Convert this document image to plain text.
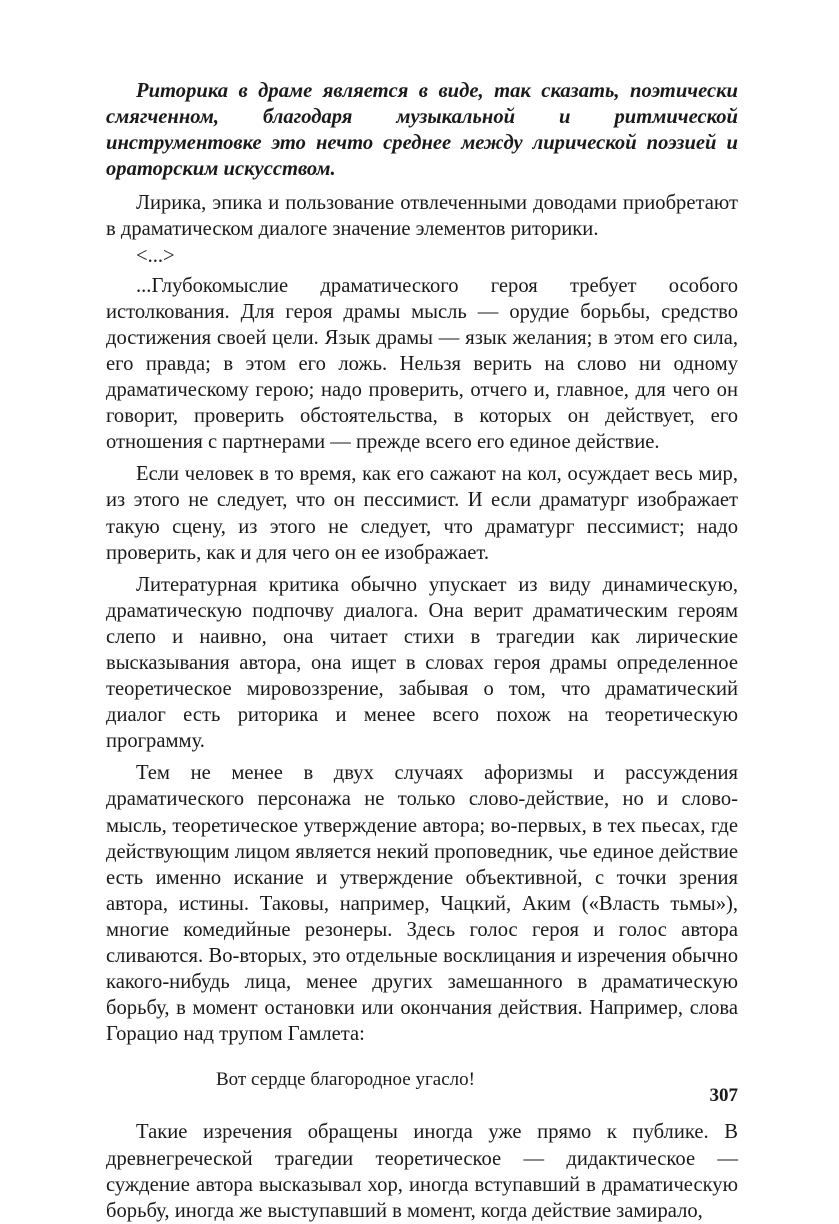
Риторика в драме является в виде, так сказать, поэтически смягченном, благодаря музыкальной и ритмической инструментовке это нечто среднее между лирической поэзией и ораторским искусством.

Лирика, эпика и пользование отвлеченными доводами приобретают в драматическом диалоге значение элементов риторики.

<...>

...Глубокомыслие драматического героя требует особого истолкования. Для героя драмы мысль — орудие борьбы, средство достижения своей цели. Язык драмы — язык желания; в этом его сила, его правда; в этом его ложь. Нельзя верить на слово ни одному драматическому герою; надо проверить, отчего и, главное, для чего он говорит, проверить обстоятельства, в которых он действует, его отношения с партнерами — прежде всего его единое действие.

Если человек в то время, как его сажают на кол, осуждает весь мир, из этого не следует, что он пессимист. И если драматург изображает такую сцену, из этого не следует, что драматург пессимист; надо проверить, как и для чего он ее изображает.

Литературная критика обычно упускает из виду динамическую, драматическую подпочву диалога. Она верит драматическим героям слепо и наивно, она читает стихи в трагедии как лирические высказывания автора, она ищет в словах героя драмы определенное теоретическое мировоззрение, забывая о том, что драматический диалог есть риторика и менее всего похож на теоретическую программу.

Тем не менее в двух случаях афоризмы и рассуждения драматического персонажа не только слово-действие, но и слово-мысль, теоретическое утверждение автора; во-первых, в тех пьесах, где действующим лицом является некий проповедник, чье единое действие есть именно искание и утверждение объективной, с точки зрения автора, истины. Таковы, например, Чацкий, Аким («Власть тьмы»), многие комедийные резонеры. Здесь голос героя и голос автора сливаются. Во-вторых, это отдельные восклицания и изречения обычно какого-нибудь лица, менее других замешанного в драматическую борьбу, в момент остановки или окончания действия. Например, слова Горацио над трупом Гамлета:

Вот сердце благородное угасло!

Такие изречения обращены иногда уже прямо к публике. В древнегреческой трагедии теоретическое — дидактическое — суждение автора высказывал хор, иногда вступавший в драматическую борьбу, иногда же выступавший в момент, когда действие замирало,

307
